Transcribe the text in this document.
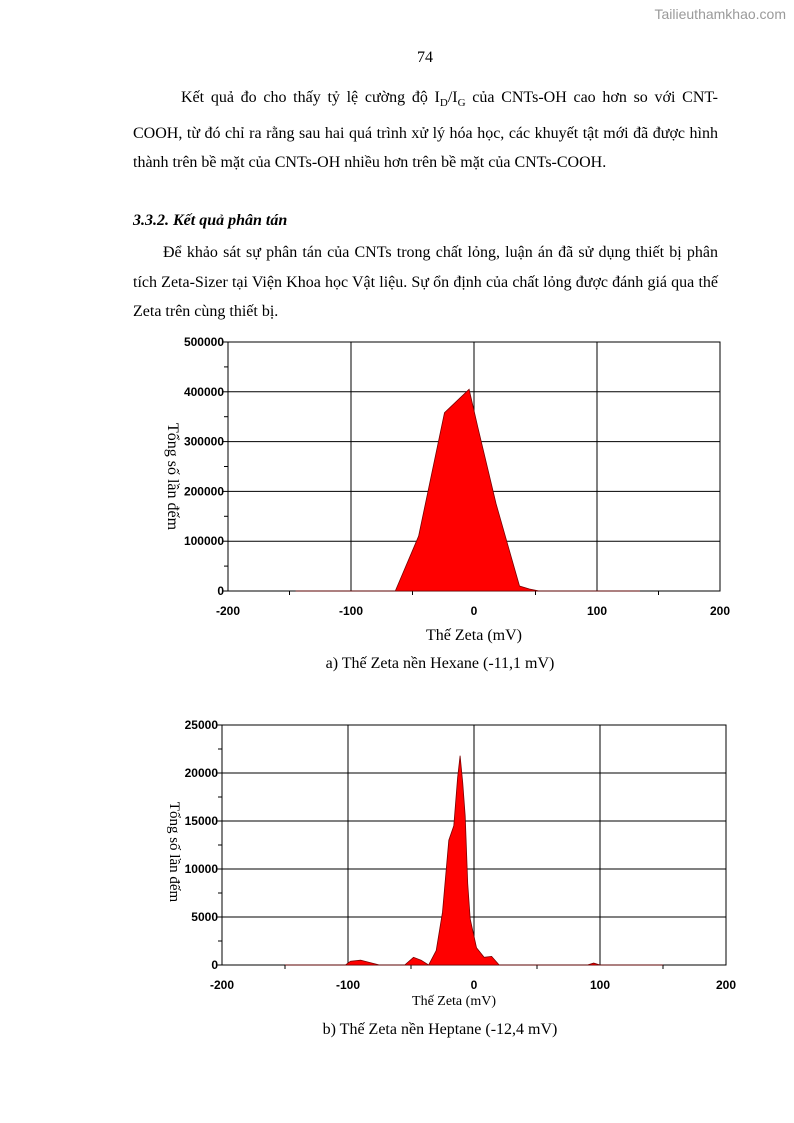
Tailieuthamkhao.com
74

Kết quả đo cho thấy tỷ lệ cường độ $I_D/I_G$ của CNTs-OH cao hơn so với CNT-COOH, từ đó chỉ ra rằng sau hai quá trình xử lý hóa học, các khuyết tật mới đã được hình thành trên bề mặt của CNTs-OH nhiều hơn trên bề mặt của CNTs-COOH.

3.3.2. Kết quả phân tán

Để khảo sát sự phân tán của CNTs trong chất lỏng, luận án đã sử dụng thiết bị phân tích Zeta-Sizer tại Viện Khoa học Vật liệu. Sự ổn định của chất lỏng được đánh giá qua thế Zeta trên cùng thiết bị.

0
100000
200000
300000
400000
500000
-200	-100	0	100	200
Thế Zeta (mV)
Tổng số lần đếm
a) Thế Zeta nền Hexane (-11,1 mV)
0
5000
10000
15000
20000
25000
-200	-100	0	100	200
Thế Zeta (mV)
Tổng số lần đếm
b) Thế Zeta nền Heptane (-12,4 mV)
